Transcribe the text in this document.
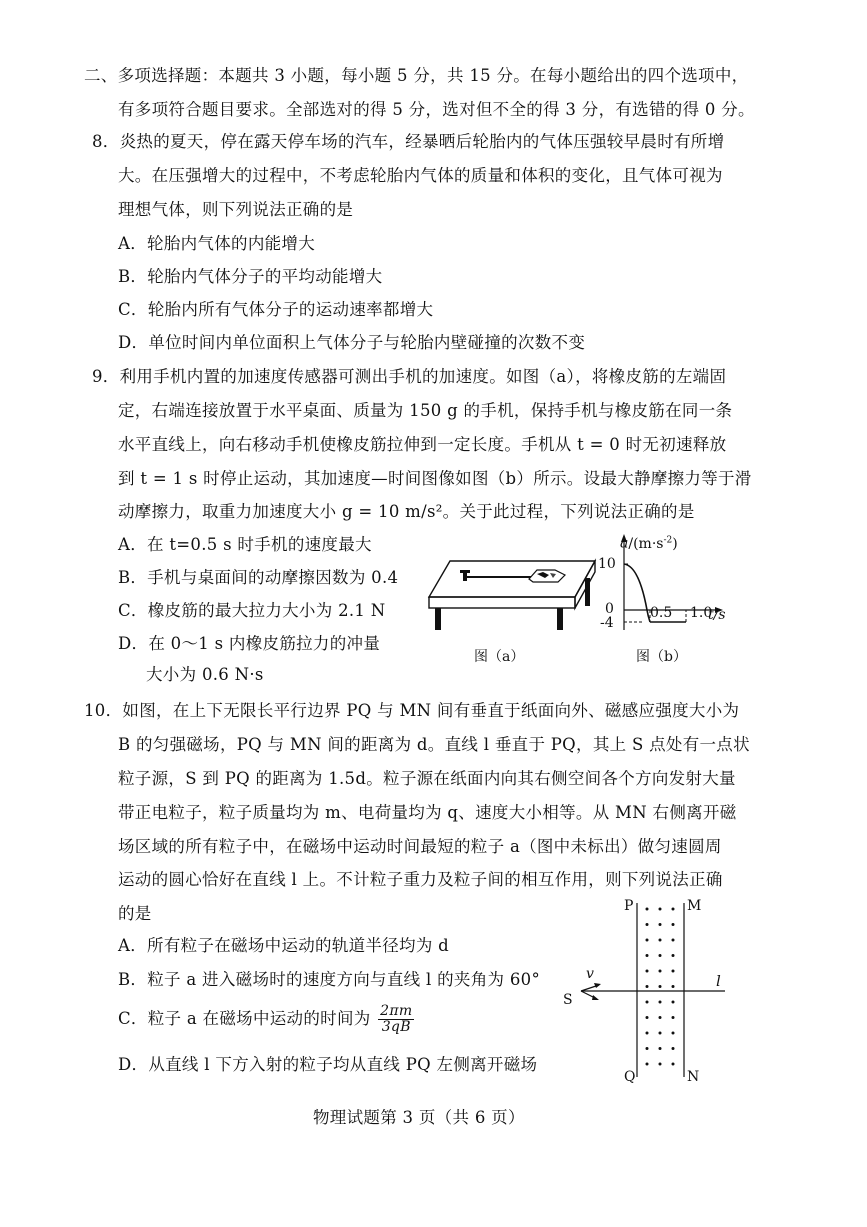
二、多项选择题：本题共 3 小题，每小题 5 分，共 15 分。在每小题给出的四个选项中，
有多项符合题目要求。全部选对的得 5 分，选对但不全的得 3 分，有选错的得 0 分。
8．炎热的夏天，停在露天停车场的汽车，经暴晒后轮胎内的气体压强较早晨时有所增
大。在压强增大的过程中，不考虑轮胎内气体的质量和体积的变化，且气体可视为
理想气体，则下列说法正确的是
A．轮胎内气体的内能增大
B．轮胎内气体分子的平均动能增大
C．轮胎内所有气体分子的运动速率都增大
D．单位时间内单位面积上气体分子与轮胎内壁碰撞的次数不变
9．利用手机内置的加速度传感器可测出手机的加速度。如图（a），将橡皮筋的左端固
定，右端连接放置于水平桌面、质量为 150 g 的手机，保持手机与橡皮筋在同一条
水平直线上，向右移动手机使橡皮筋拉伸到一定长度。手机从 t = 0 时无初速释放
到 t = 1 s 时停止运动，其加速度—时间图像如图（b）所示。设最大静摩擦力等于滑
动摩擦力，取重力加速度大小 g = 10 m/s²。关于此过程，下列说法正确的是
A．在 t=0.5 s 时手机的速度最大
B．手机与桌面间的动摩擦因数为 0.4
C．橡皮筋的最大拉力大小为 2.1 N
D．在 0～1 s 内橡皮筋拉力的冲量
大小为 0.6 N·s
图（a）
$a/(m\cdot s^{-2})$
10
0
-4
0.5 1.0
t/s
图（b）
10．如图，在上下无限长平行边界 PQ 与 MN 间有垂直于纸面向外、磁感应强度大小为
B 的匀强磁场，PQ 与 MN 间的距离为 d。直线 l 垂直于 PQ，其上 S 点处有一点状
粒子源，S 到 PQ 的距离为 1.5d。粒子源在纸面内向其右侧空间各个方向发射大量
带正电粒子，粒子质量均为 m、电荷量均为 q、速度大小相等。从 MN 右侧离开磁
场区域的所有粒子中，在磁场中运动时间最短的粒子 a（图中未标出）做匀速圆周
运动的圆心恰好在直线 l 上。不计粒子重力及粒子间的相互作用，则下列说法正确
的是
A．所有粒子在磁场中运动的轨道半径均为 d
B．粒子 a 进入磁场时的速度方向与直线 l 的夹角为 60°
C．粒子 a 在磁场中运动的时间为 $\frac{2\pi m}{3qB}$
D．从直线 l 下方入射的粒子均从直线 PQ 左侧离开磁场
P	M
Q	N
S
v	l
物理试题第 3 页（共 6 页）
